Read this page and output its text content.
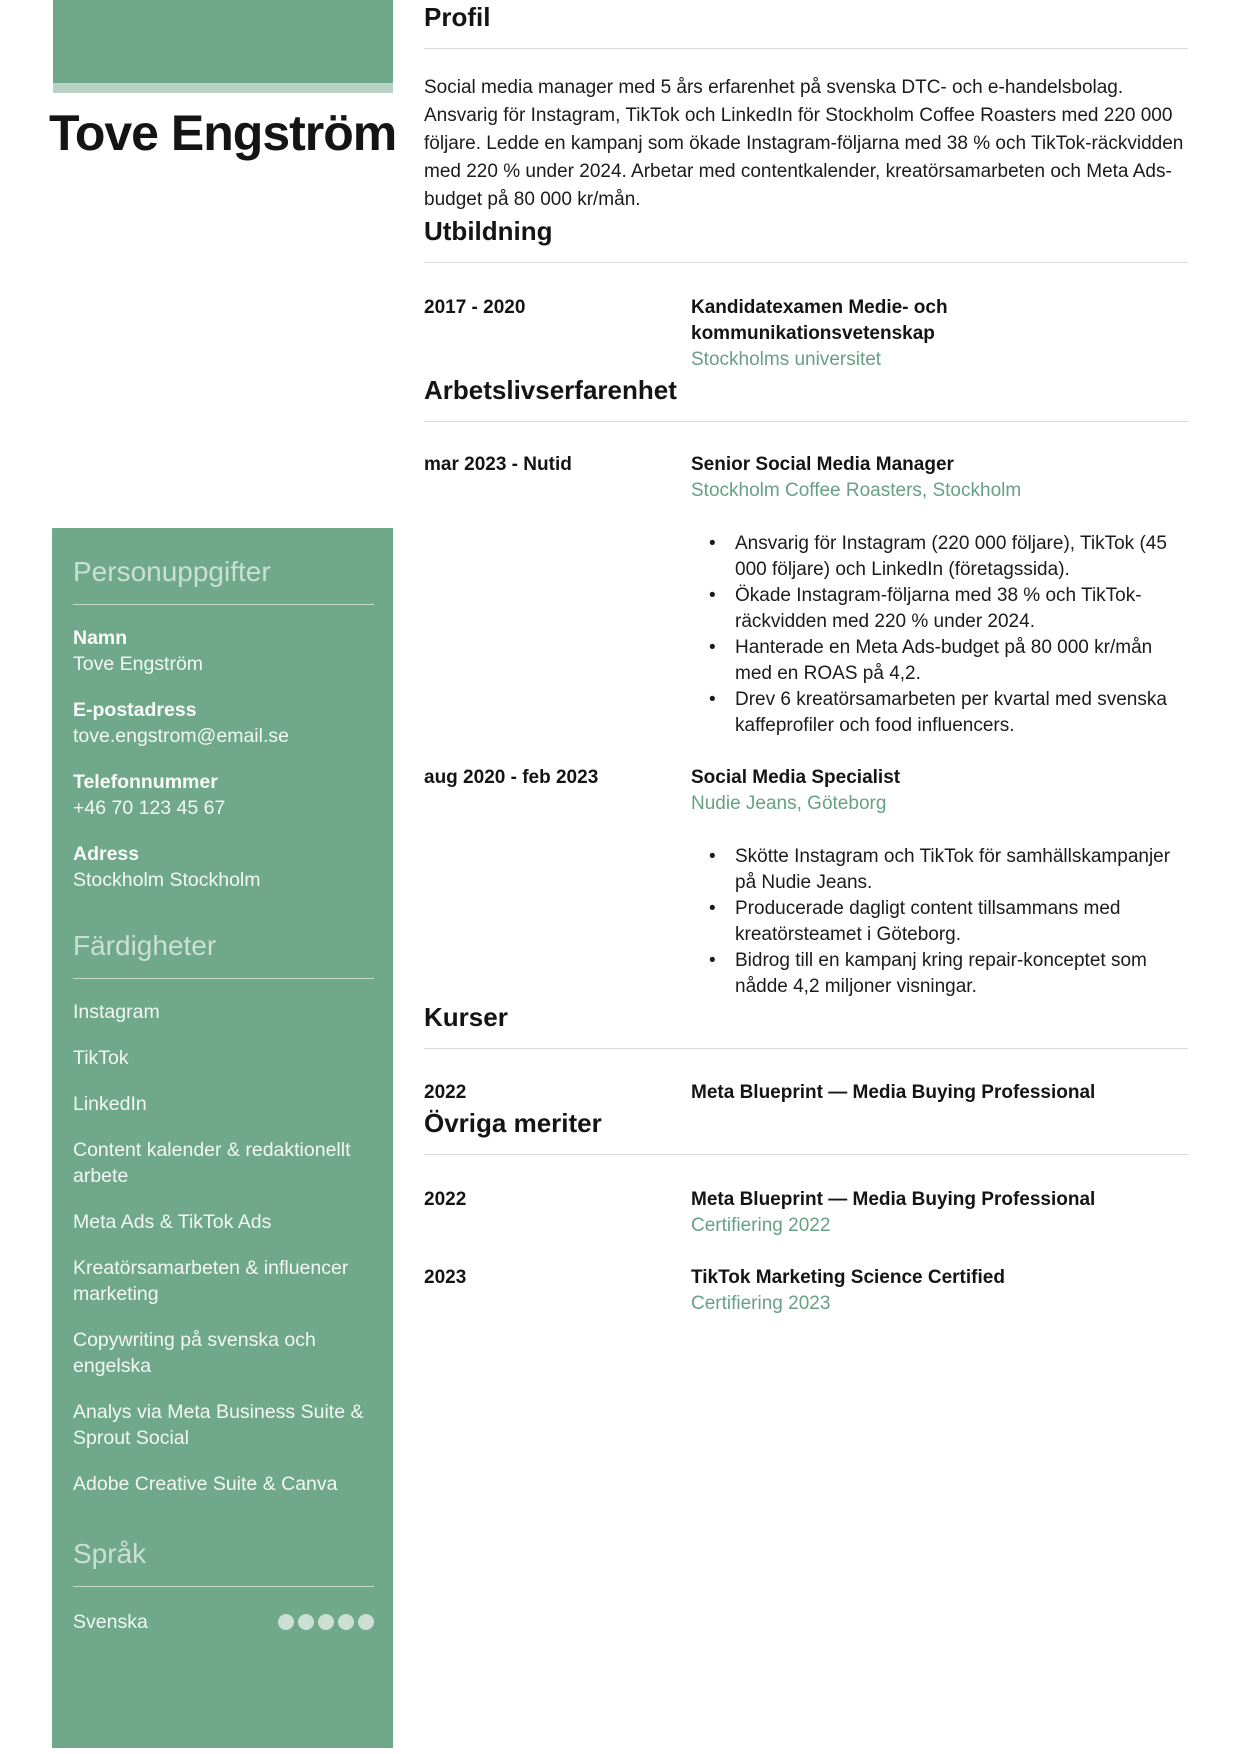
Tove Engström
Personuppgifter
Namn
Tove Engström
E-postadress
tove.engstrom@email.se
Telefonnummer
+46 70 123 45 67
Adress
Stockholm Stockholm
Färdigheter
Instagram
TikTok
LinkedIn
Content kalender & redaktionellt arbete
Meta Ads & TikTok Ads
Kreatörsamarbeten & influencer marketing
Copywriting på svenska och engelska
Analys via Meta Business Suite & Sprout Social
Adobe Creative Suite & Canva
Språk
Svenska
Profil

Social media manager med 5 års erfarenhet på svenska DTC- och e-handelsbolag. Ansvarig för Instagram, TikTok och LinkedIn för Stockholm Coffee Roasters med 220 000 följare. Ledde en kampanj som ökade Instagram-följarna med 38 % och TikTok-räckvidden med 220 % under 2024. Arbetar med contentkalender, kreatörsamarbeten och Meta Ads-budget på 80 000 kr/mån.

Utbildning
2017 - 2020	Kandidatexamen Medie- och kommunikationsvetenskap
Stockholms universitet
Arbetslivserfarenhet
mar 2023 - Nutid	Senior Social Media Manager
Stockholm Coffee Roasters, Stockholm
• Ansvarig för Instagram (220 000 följare), TikTok (45 000 följare) och LinkedIn (företagssida).
• Ökade Instagram-följarna med 38 % och TikTok-räckvidden med 220 % under 2024.
• Hanterade en Meta Ads-budget på 80 000 kr/mån med en ROAS på 4,2.
• Drev 6 kreatörsamarbeten per kvartal med svenska kaffeprofiler och food influencers.
aug 2020 - feb 2023	Social Media Specialist
Nudie Jeans, Göteborg
• Skötte Instagram och TikTok för samhällskampanjer på Nudie Jeans.
• Producerade dagligt content tillsammans med kreatörsteamet i Göteborg.
• Bidrog till en kampanj kring repair-konceptet som nådde 4,2 miljoner visningar.
Kurser
2022	Meta Blueprint — Media Buying Professional
Övriga meriter
2022	Meta Blueprint — Media Buying Professional
Certifiering 2022
2023	TikTok Marketing Science Certified
Certifiering 2023
